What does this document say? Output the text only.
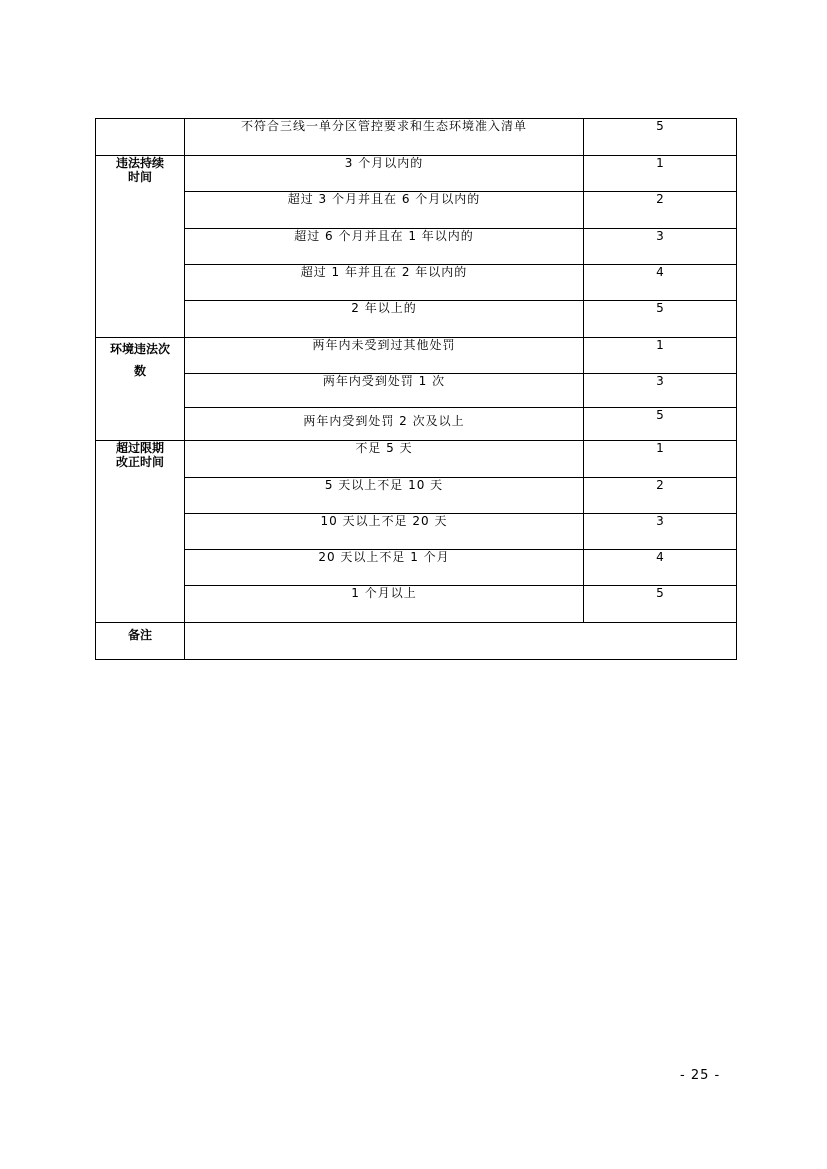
	不符合三线一单分区管控要求和生态环境准入清单	5

违法持续
时间	3 个月以内的	1
	超过 3 个月并且在 6 个月以内的	2
	超过 6 个月并且在 1 年以内的	3
	超过 1 年并且在 2 年以内的	4
	2 年以上的	5

环境违法次
数	两年内未受到过其他处罚	1
	两年内受到处罚 1 次	3
	两年内受到处罚 2 次及以上	5

超过限期
改正时间	不足 5 天	1
	5 天以上不足 10 天	2
	10 天以上不足 20 天	3
	20 天以上不足 1 个月	4
	1 个月以上	5
备注		
- 25 -
